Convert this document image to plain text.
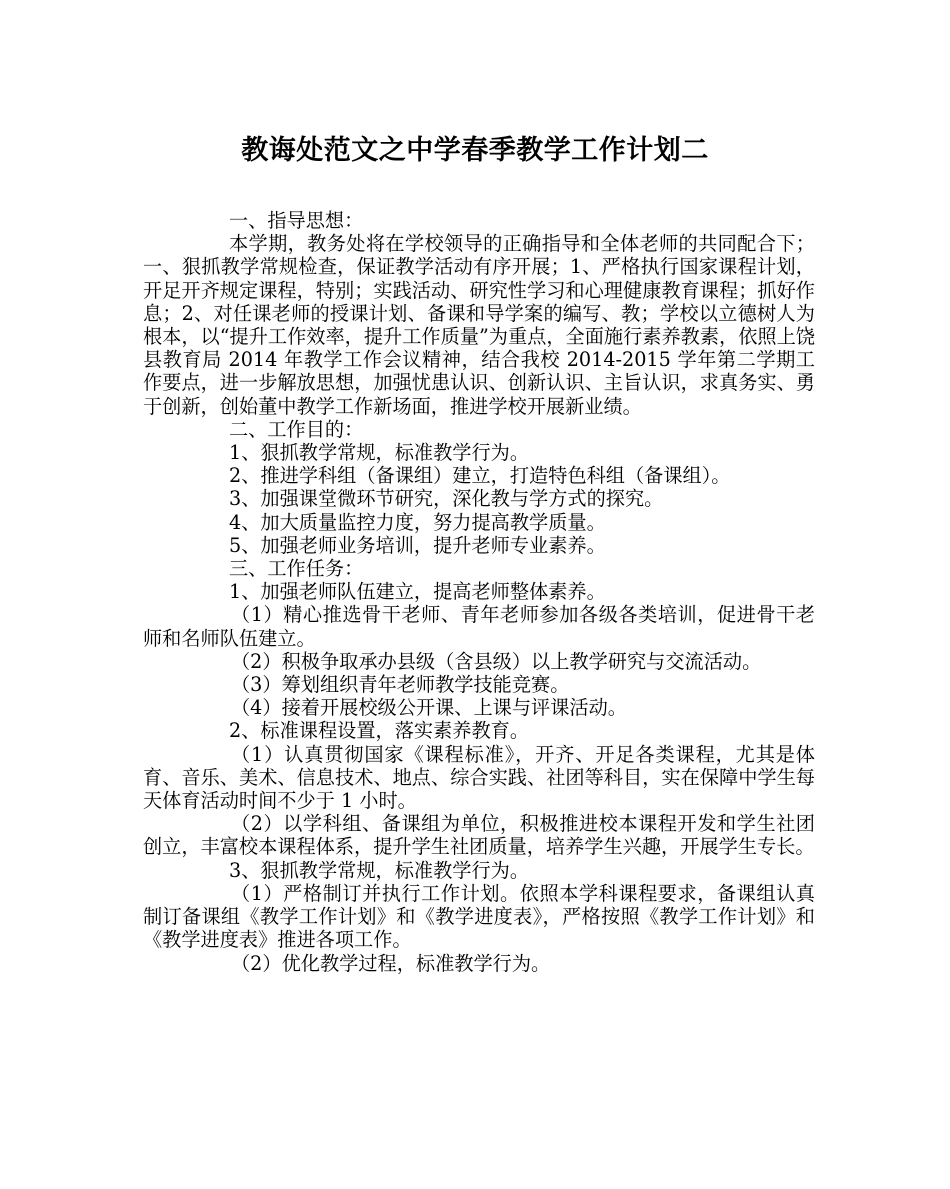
教诲处范文之中学春季教学工作计划二

一、指导思想：

本学期，教务处将在学校领导的正确指导和全体老师的共同配合下；一、狠抓教学常规检查，保证教学活动有序开展；1、严格执行国家课程计划，开足开齐规定课程，特别；实践活动、研究性学习和心理健康教育课程；抓好作息；2、对任课老师的授课计划、备课和导学案的编写、教；学校以立德树人为根本，以“提升工作效率，提升工作质量”为重点，全面施行素养教素，依照上饶县教育局 2014 年教学工作会议精神，结合我校 2014-2015 学年第二学期工作要点，进一步解放思想，加强忧患认识、创新认识、主旨认识，求真务实、勇于创新，创始董中教学工作新场面，推进学校开展新业绩。

二、工作目的：

1、狠抓教学常规，标准教学行为。

2、推进学科组（备课组）建立，打造特色科组（备课组）。

3、加强课堂微环节研究，深化教与学方式的探究。

4、加大质量监控力度，努力提高教学质量。

5、加强老师业务培训，提升老师专业素养。

三、工作任务：

1、加强老师队伍建立，提高老师整体素养。

（1）精心推选骨干老师、青年老师参加各级各类培训，促进骨干老师和名师队伍建立。

（2）积极争取承办县级（含县级）以上教学研究与交流活动。

（3）筹划组织青年老师教学技能竞赛。

（4）接着开展校级公开课、上课与评课活动。

2、标准课程设置，落实素养教育。

（1）认真贯彻国家《课程标准》，开齐、开足各类课程，尤其是体育、音乐、美术、信息技术、地点、综合实践、社团等科目，实在保障中学生每天体育活动时间不少于 1 小时。

（2）以学科组、备课组为单位，积极推进校本课程开发和学生社团创立，丰富校本课程体系，提升学生社团质量，培养学生兴趣，开展学生专长。

3、狠抓教学常规，标准教学行为。

（1）严格制订并执行工作计划。依照本学科课程要求，备课组认真制订备课组《教学工作计划》和《教学进度表》，严格按照《教学工作计划》和《教学进度表》推进各项工作。

（2）优化教学过程，标准教学行为。
